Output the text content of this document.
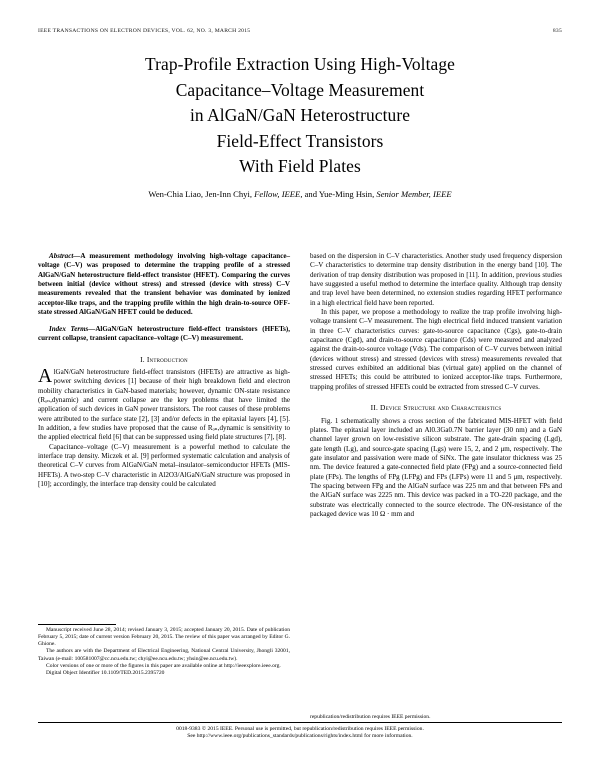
IEEE TRANSACTIONS ON ELECTRON DEVICES, VOL. 62, NO. 3, MARCH 2015	835
Trap-Profile Extraction Using High-Voltage
Capacitance–Voltage Measurement
in AlGaN/GaN Heterostructure
Field-Effect Transistors
With Field Plates
Wen-Chia Liao, Jen-Inn Chyi, Fellow, IEEE, and Yue-Ming Hsin, Senior Member, IEEE
Abstract—A measurement methodology involving high-voltage capacitance–voltage (C–V) was proposed to determine the trapping profile of a stressed AlGaN/GaN heterostructure field-effect transistor (HFET). Comparing the curves between initial (device without stress) and stressed (device with stress) C–V measurements revealed that the transient behavior was dominated by ionized acceptor-like traps, and the trapping profile within the high drain-to-source OFF-state stressed AlGaN/GaN HFET could be deduced.
Index Terms—AlGaN/GaN heterostructure field-effect transistors (HFETs), current collapse, transient capacitance–voltage (C–V) measurement.
I. Introduction

AlGaN/GaN heterostructure field-effect transistors (HFETs) are attractive as high-power switching devices [1] because of their high breakdown field and electron mobility characteristics in GaN-based materials; however, dynamic ON-state resistance (Rₒₙ,dynamic) and current collapse are the key problems that have limited the application of such devices in GaN power transistors. The root causes of these problems were attributed to the surface state [2], [3] and/or defects in the epitaxial layers [4], [5]. In addition, a few studies have proposed that the cause of Rₒₙ,dynamic is sensitivity to the applied electrical field [6] that can be suppressed using field plate structures [7], [8].

Capacitance–voltage (C–V) measurement is a powerful method to calculate the interface trap density. Miczek et al. [9] performed systematic calculation and analysis of theoretical C–V curves from AlGaN/GaN metal–insulator–semiconductor HFETs (MIS-HFETs). A two-step C–V characteristic in Al2O3/AlGaN/GaN structure was proposed in [10]; accordingly, the interface trap density could be calculated

based on the dispersion in C–V characteristics. Another study used frequency dispersion C–V characteristics to determine trap density distribution in the energy band [10]. The derivation of trap density distribution was proposed in [11]. In addition, previous studies have suggested a useful method to determine the interface quality. Although trap density and trap level have been determined, no extension studies regarding HFET performance in a high electrical field have been reported.

In this paper, we propose a methodology to realize the trap profile involving high-voltage transient C–V measurement. The high electrical field induced transient variation in three C–V characteristics curves: gate-to-source capacitance (Cgs), gate-to-drain capacitance (Cgd), and drain-to-source capacitance (Cds) were measured and analyzed against the drain-to-source voltage (Vds). The comparison of C–V curves between initial (devices without stress) and stressed (devices with stress) measurements revealed that stressed curves exhibited an additional bias (virtual gate) applied on the channel of stressed HFETs; this could be attributed to ionized acceptor-like traps. Furthermore, trapping profiles of stressed HFETs could be extracted from stressed C–V curves.

II. Device Structure and Characteristics

Fig. 1 schematically shows a cross section of the fabricated MIS-HFET with field plates. The epitaxial layer included an Al0.3Ga0.7N barrier layer (30 nm) and a GaN channel layer grown on low-resistive silicon substrate. The gate-drain spacing (Lgd), gate length (Lg), and source-gate spacing (Lgs) were 15, 2, and 2 μm, respectively. The gate insulator and passivation were made of SiNx. The gate insulator thickness was 25 nm. The device featured a gate-connected field plate (FPg) and a source-connected field plate (FPs). The lengths of FPg (LFPg) and FPs (LFPs) were 11 and 5 μm, respectively. The spacing between FPg and the AlGaN surface was 225 nm and that between FPs and the AlGaN surface was 2225 nm. This device was packed in a TO-220 package, and the substrate was electrically connected to the source electrode. The ON-resistance of the packaged device was 10 Ω · mm and

republication/redistribution requires IEEE permission.

Manuscript received June 28, 2014; revised January 3, 2015; accepted January 20, 2015. Date of publication February 5, 2015; date of current version February 20, 2015. The review of this paper was arranged by Editor G. Ghione.

The authors are with the Department of Electrical Engineering, National Central University, Jhongli 32001, Taiwan (e-mail: 100581007@cc.ncu.edu.tw; chyi@ee.ncu.edu.tw; yhsin@ee.ncu.edu.tw).

Color versions of one or more of the figures in this paper are available online at http://ieeexplore.ieee.org.

Digital Object Identifier 10.1109/TED.2015.2395720

0018-9383 © 2015 IEEE. Personal use is permitted, but republication/redistribution requires IEEE permission.
See http://www.ieee.org/publications_standards/publications/rights/index.html for more information.
